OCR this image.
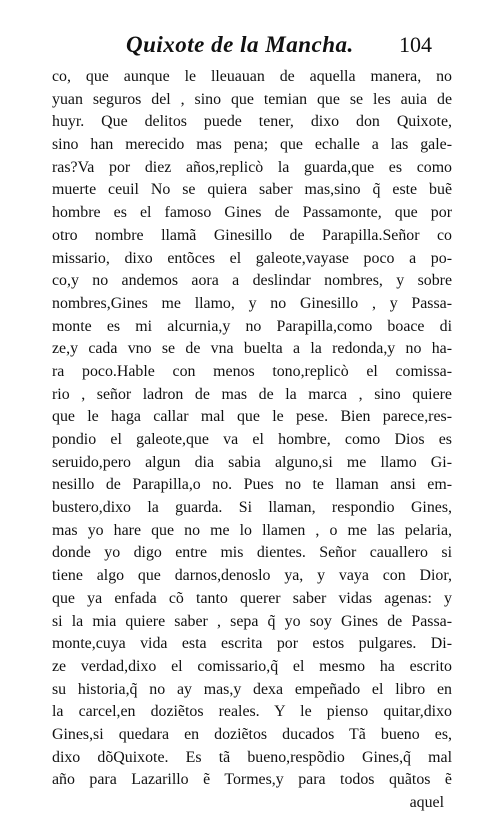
Quixote de la Mancha. 104
co, que aunque le lleuauan de aquella manera, no
yuan seguros del , sino que temian que se les auia de
huyr. Que delitos puede tener, dixo don Quixote,
sino han merecido mas pena; que echalle a las gale-
ras?Va por diez años,replicò la guarda,que es como
muerte ceuil No se quiera saber mas,sino q̃ este buẽ
hombre es el famoso Gines de Passamonte, que por
otro nombre llamã Ginesillo de Parapilla.Señor co
missario, dixo entõces el galeote,vayase poco a po-
co,y no andemos aora a deslindar nombres, y sobre
nombres,Gines me llamo, y no Ginesillo , y Passa-
monte es mi alcurnia,y no Parapilla,como boace di
ze,y cada vno se de vna buelta a la redonda,y no ha-
ra poco.Hable con menos tono,replicò el comissa-
rio , señor ladron de mas de la marca , sino quiere
que le haga callar mal que le pese. Bien parece,res-
pondio el galeote,que va el hombre, como Dios es
seruido,pero algun dia sabia alguno,si me llamo Gi-
nesillo de Parapilla,o no. Pues no te llaman ansi em-
bustero,dixo la guarda. Si llaman, respondio Gines,
mas yo hare que no me lo llamen , o me las pelaria,
donde yo digo entre mis dientes. Señor cauallero si
tiene algo que darnos,denoslo ya, y vaya con Dior,
que ya enfada cõ tanto querer saber vidas agenas: y
si la mia quiere saber , sepa q̃ yo soy Gines de Passa-
monte,cuya vida esta escrita por estos pulgares. Di-
ze verdad,dixo el comissario,q̃ el mesmo ha escrito
su historia,q̃ no ay mas,y dexa empeñado el libro en
la carcel,en doziẽtos reales. Y le pienso quitar,dixo
Gines,si quedara en doziẽtos ducados Tã bueno es,
dixo dõQuixote. Es tã bueno,respõdio Gines,q̃ mal
año para Lazarillo ẽ Tormes,y para todos quãtos ẽ
aquel
